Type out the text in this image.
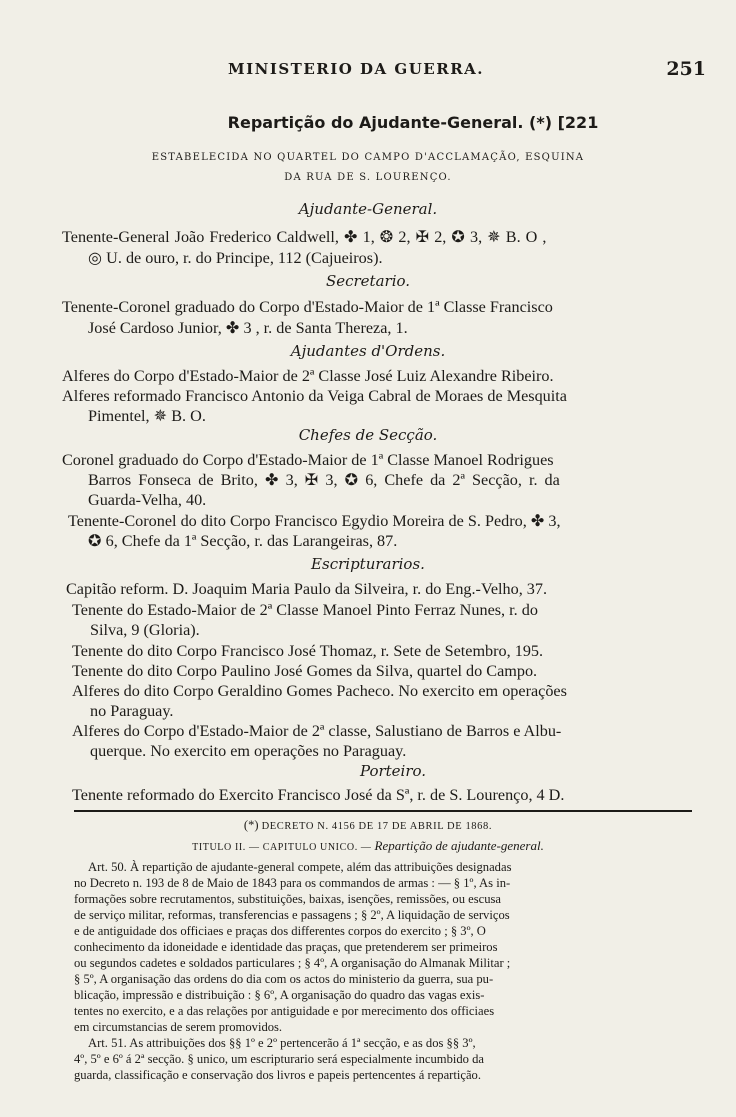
MINISTERIO DA GUERRA.	251
Repartição do Ajudante-General. (*) [221
ESTABELECIDA NO QUARTEL DO CAMPO D'ACCLAMAÇÃO, ESQUINA
DA RUA DE S. LOURENÇO.
Ajudante-General.
Tenente-General João Frederico Caldwell, ✤ 1, ❂ 2, ✠ 2, ✪ 3, ✵ B. O ,
◎ U. de ouro, r. do Principe, 112 (Cajueiros).
Secretario.
Tenente-Coronel graduado do Corpo d'Estado-Maior de 1ª Classe Francisco
José Cardoso Junior, ✤ 3 , r. de Santa Thereza, 1.
Ajudantes d'Ordens.
Alferes do Corpo d'Estado-Maior de 2ª Classe José Luiz Alexandre Ribeiro.
Alferes reformado Francisco Antonio da Veiga Cabral de Moraes de Mesquita
Pimentel, ✵ B. O.
Chefes de Secção.
Coronel graduado do Corpo d'Estado-Maior de 1ª Classe Manoel Rodrigues
Barros Fonseca de Brito, ✤ 3, ✠ 3, ✪ 6, Chefe da 2ª Secção, r. da
Guarda-Velha, 40.
Tenente-Coronel do dito Corpo Francisco Egydio Moreira de S. Pedro, ✤ 3,
✪ 6, Chefe da 1ª Secção, r. das Larangeiras, 87.
Escripturarios.
Capitão reform. D. Joaquim Maria Paulo da Silveira, r. do Eng.-Velho, 37.
Tenente do Estado-Maior de 2ª Classe Manoel Pinto Ferraz Nunes, r. do
Silva, 9 (Gloria).
Tenente do dito Corpo Francisco José Thomaz, r. Sete de Setembro, 195.
Tenente do dito Corpo Paulino José Gomes da Silva, quartel do Campo.
Alferes do dito Corpo Geraldino Gomes Pacheco. No exercito em operações
no Paraguay.
Alferes do Corpo d'Estado-Maior de 2ª classe, Salustiano de Barros e Albu-
querque. No exercito em operações no Paraguay.
Porteiro.
Tenente reformado do Exercito Francisco José da Sª, r. de S. Lourenço, 4 D.
(*) DECRETO N. 4156 DE 17 DE ABRIL DE 1868.
TITULO II. — CAPITULO UNICO. — Repartição de ajudante-general.
Art. 50. À repartição de ajudante-general compete, além das attribuições designadas
no Decreto n. 193 de 8 de Maio de 1843 para os commandos de armas : — § 1º, As in-
formações sobre recrutamentos, substituições, baixas, isenções, remissões, ou escusa
de serviço militar, reformas, transferencias e passagens ; § 2º, A liquidação de serviços
e de antiguidade dos officiaes e praças dos differentes corpos do exercito ; § 3º, O
conhecimento da idoneidade e identidade das praças, que pretenderem ser primeiros
ou segundos cadetes e soldados particulares ; § 4º, A organisação do Almanak Militar ;
§ 5º, A organisação das ordens do dia com os actos do ministerio da guerra, sua pu-
blicação, impressão e distribuição : § 6º, A organisação do quadro das vagas exis-
tentes no exercito, e a das relações por antiguidade e por merecimento dos officiaes
em circumstancias de serem promovidos.
Art. 51. As attribuições dos §§ 1º e 2º pertencerão á 1ª secção, e as dos §§ 3º,
4º, 5º e 6º á 2ª secção. § unico, um escripturario será especialmente incumbido da
guarda, classificação e conservação dos livros e papeis pertencentes á repartição.
